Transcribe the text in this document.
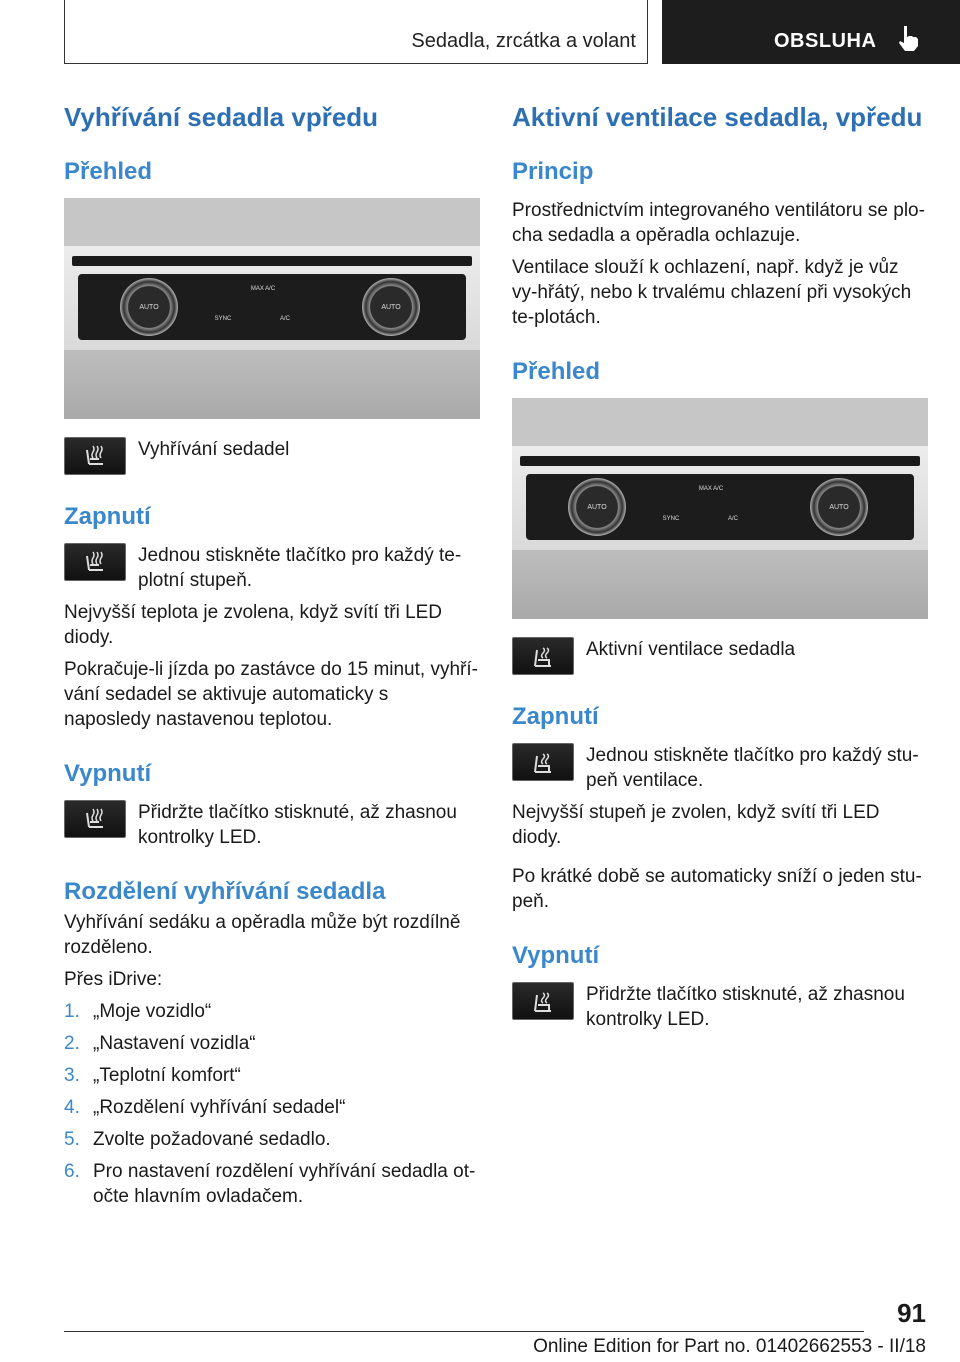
Sedadla, zrcátka a volant	OBSLUHA
Vyhřívání sedadla vpředu
Přehled
AUTO	AUTO
MAX A/C
SYNC	A/C

Vyhřívání sedadel

Zapnutí

Jednou stiskněte tlačítko pro každý te-plotní stupeň.

Nejvyšší teplota je zvolena, když svítí tři LED diody.

Pokračuje-li jízda po zastávce do 15 minut, vyhří-vání sedadel se aktivuje automaticky s naposledy nastavenou teplotou.

Vypnutí

Přidržte tlačítko stisknuté, až zhasnou kontrolky LED.

Rozdělení vyhřívání sedadla

Vyhřívání sedáku a opěradla může být rozdílně rozděleno.

Přes iDrive:

1. „Moje vozidlo“
2. „Nastavení vozidla“
3. „Teplotní komfort“
4. „Rozdělení vyhřívání sedadel“
5. Zvolte požadované sedadlo.
6. Pro nastavení rozdělení vyhřívání sedadla ot-očte hlavním ovladačem.
Aktivní ventilace sedadla, vpředu
Princip

Prostřednictvím integrovaného ventilátoru se plo-cha sedadla a opěradla ochlazuje.

Ventilace slouží k ochlazení, např. když je vůz vy-hřátý, nebo k trvalému chlazení při vysokých te-plotách.

Přehled
AUTO	AUTO
MAX A/C
SYNC	A/C

Aktivní ventilace sedadla

Zapnutí

Jednou stiskněte tlačítko pro každý stu-peň ventilace.

Nejvyšší stupeň je zvolen, když svítí tři LED diody.

Po krátké době se automaticky sníží o jeden stu-peň.

Vypnutí

Přidržte tlačítko stisknuté, až zhasnou kontrolky LED.

91
Online Edition for Part no. 01402662553 - II/18
